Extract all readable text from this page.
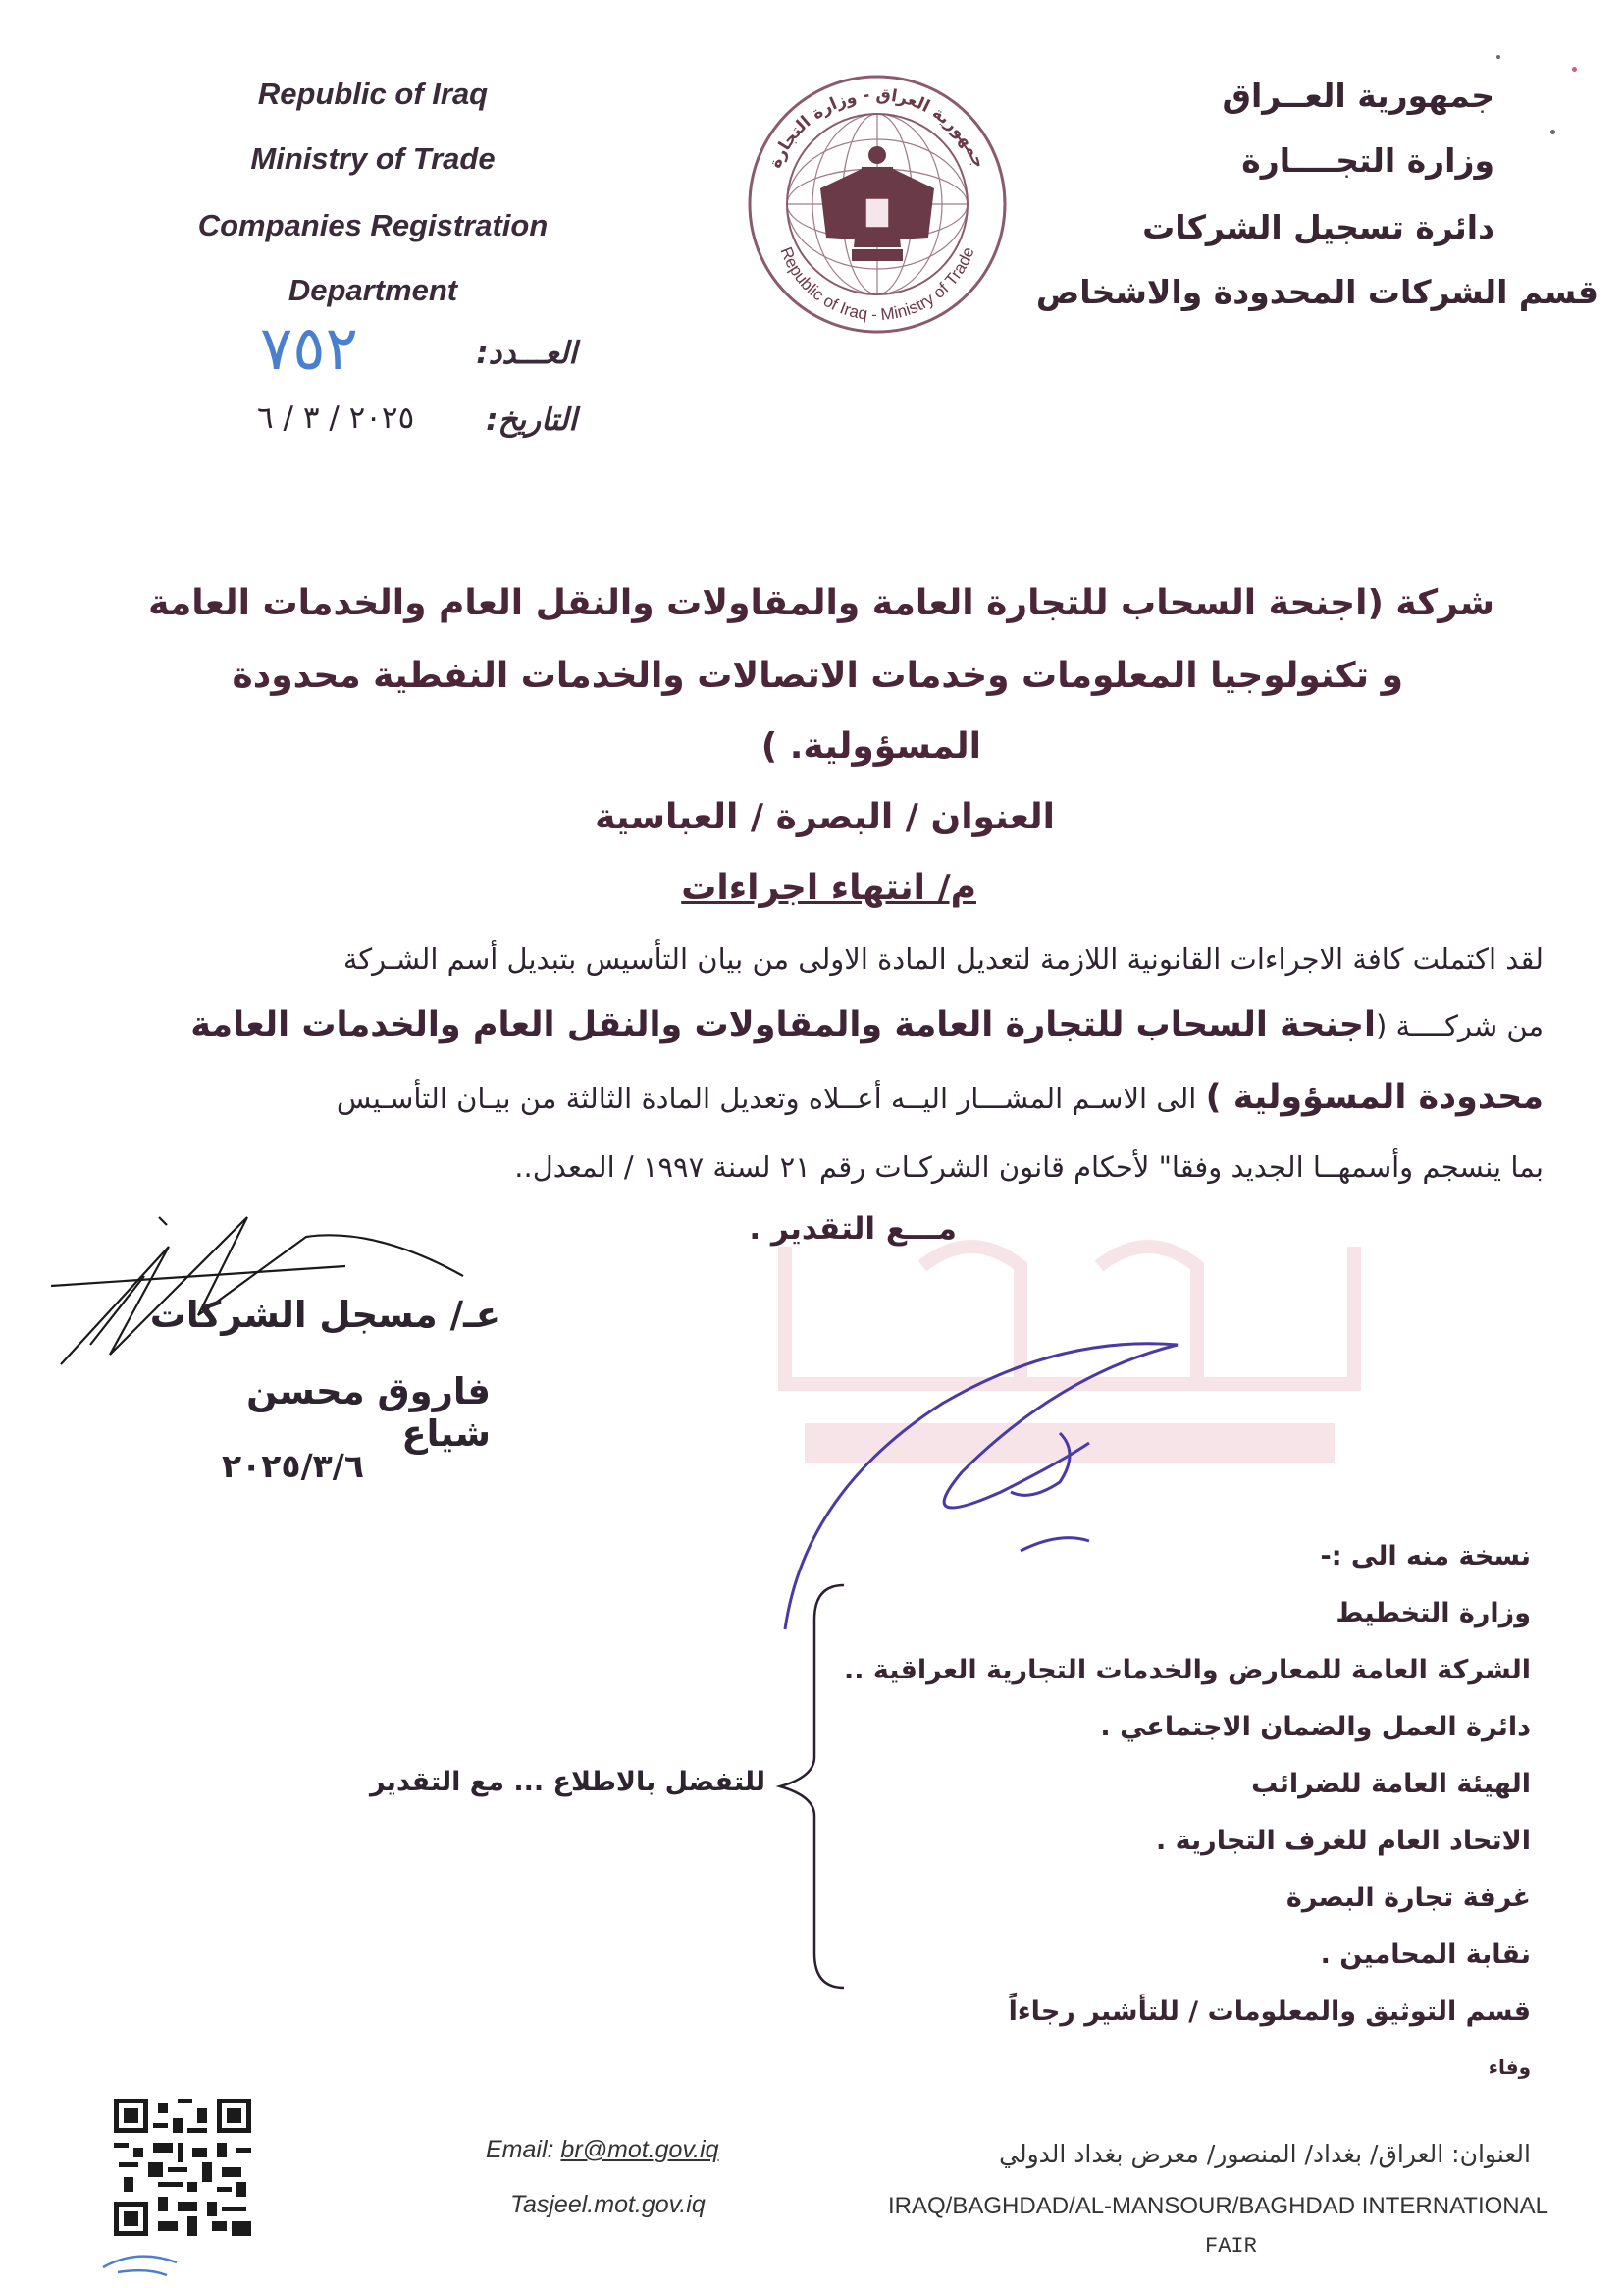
Republic of Iraq
Ministry of Trade
Companies Registration
Department
العـــدد:
٧٥٢
التاريخ:
٢٠٢٥ / ٣ / ٦
جمهورية العراق - وزارة التجارة
Republic of Iraq - Ministry of Trade
جمهورية العــراق
وزارة التجــــارة
دائرة تسجيل الشركات
قسم الشركات المحدودة والاشخاص
شركة (اجنحة السحاب للتجارة العامة والمقاولات والنقل العام والخدمات العامة
و تكنولوجيا المعلومات وخدمات الاتصالات والخدمات النفطية محدودة
المسؤولية. )
العنوان / البصرة / العباسية
م/ انتهاء اجراءات
لقد اكتملت كافة الاجراءات القانونية اللازمة لتعديل المادة الاولى من بيان التأسيس بتبديل أسم الشـركة
من شركــــة (اجنحة السحاب للتجارة العامة والمقاولات والنقل العام والخدمات العامة
محدودة المسؤولية ) الى الاسـم المشـــار اليــه أعــلاه وتعديل المادة الثالثة من بيـان التأسـيس
بما ينسجم وأسمهــا الجديد وفقا" لأحكام قانون الشركـات رقم ٢١ لسنة ١٩٩٧ / المعدل..
مـــع التقدير .
عـ/ مسجل الشركات
فاروق محسن شياع
٢٠٢٥/٣/٦
نسخة منه الى :-
وزارة التخطيط
الشركة العامة للمعارض والخدمات التجارية العراقية ..
دائرة العمل والضمان الاجتماعي .
الهيئة العامة للضرائب
الاتحاد العام للغرف التجارية .
غرفة تجارة البصرة
نقابة المحامين .
قسم التوثيق والمعلومات / للتأشير رجاءاً
وفاء
للتفضل بالاطلاع ... مع التقدير
Email: br@mot.gov.iq
Tasjeel.mot.gov.iq
العنوان: العراق/ بغداد/ المنصور/ معرض بغداد الدولي
IRAQ/BAGHDAD/AL-MANSOUR/BAGHDAD INTERNATIONAL
FAIR
